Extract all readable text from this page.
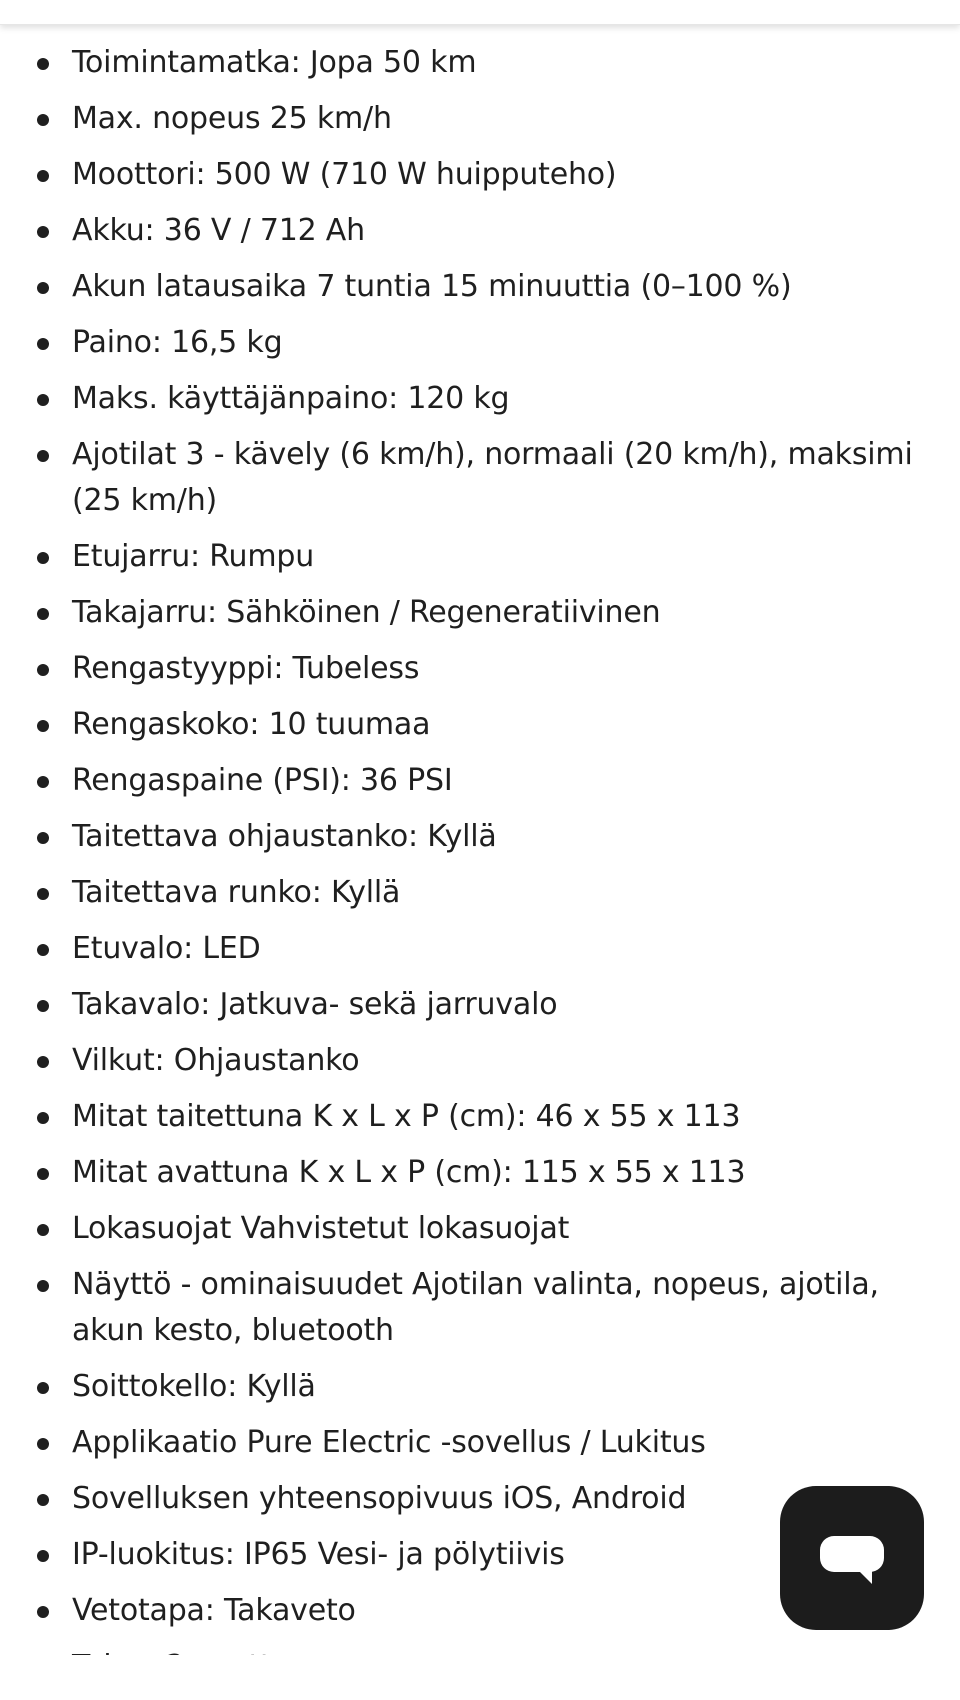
Toimintamatka: Jopa 50 km
Max. nopeus 25 km/h
Moottori: 500 W (710 W huipputeho)
Akku: 36 V / 712 Ah
Akun latausaika 7 tuntia 15 minuuttia (0–100 %)
Paino: 16,5 kg
Maks. käyttäjänpaino: 120 kg
Ajotilat 3 - kävely (6 km/h), normaali (20 km/h), maksimi (25 km/h)
Etujarru: Rumpu
Takajarru: Sähköinen / Regeneratiivinen
Rengastyyppi: Tubeless
Rengaskoko: 10 tuumaa
Rengaspaine (PSI): 36 PSI
Taitettava ohjaustanko: Kyllä
Taitettava runko: Kyllä
Etuvalo: LED
Takavalo: Jatkuva- sekä jarruvalo
Vilkut: Ohjaustanko
Mitat taitettuna K x L x P (cm): 46 x 55 x 113
Mitat avattuna K x L x P (cm): 115 x 55 x 113
Lokasuojat Vahvistetut lokasuojat
Näyttö - ominaisuudet Ajotilan valinta, nopeus, ajotila, akun kesto, bluetooth
Soittokello: Kyllä
Applikaatio Pure Electric -sovellus / Lukitus
Sovelluksen yhteensopivuus iOS, Android
IP-luokitus: IP65 Vesi- ja pölytiivis
Vetotapa: Takaveto
